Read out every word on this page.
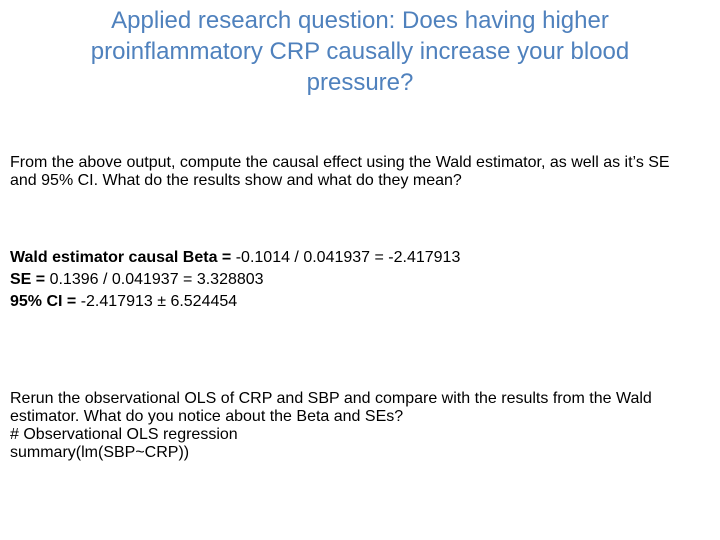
Applied research question: Does having higher proinflammatory CRP causally increase your blood pressure?
From the above output, compute the causal effect using the Wald estimator, as well as it’s SE and 95% CI. What do the results show and what do they mean?
Wald estimator causal Beta = -0.1014 / 0.041937 = -2.417913
SE = 0.1396 / 0.041937 = 3.328803
95% CI = -2.417913 ± 6.524454
Rerun the observational OLS of CRP and SBP and compare with the results from the Wald estimator. What do you notice about the Beta and SEs?
# Observational OLS regression
summary(lm(SBP~CRP))
